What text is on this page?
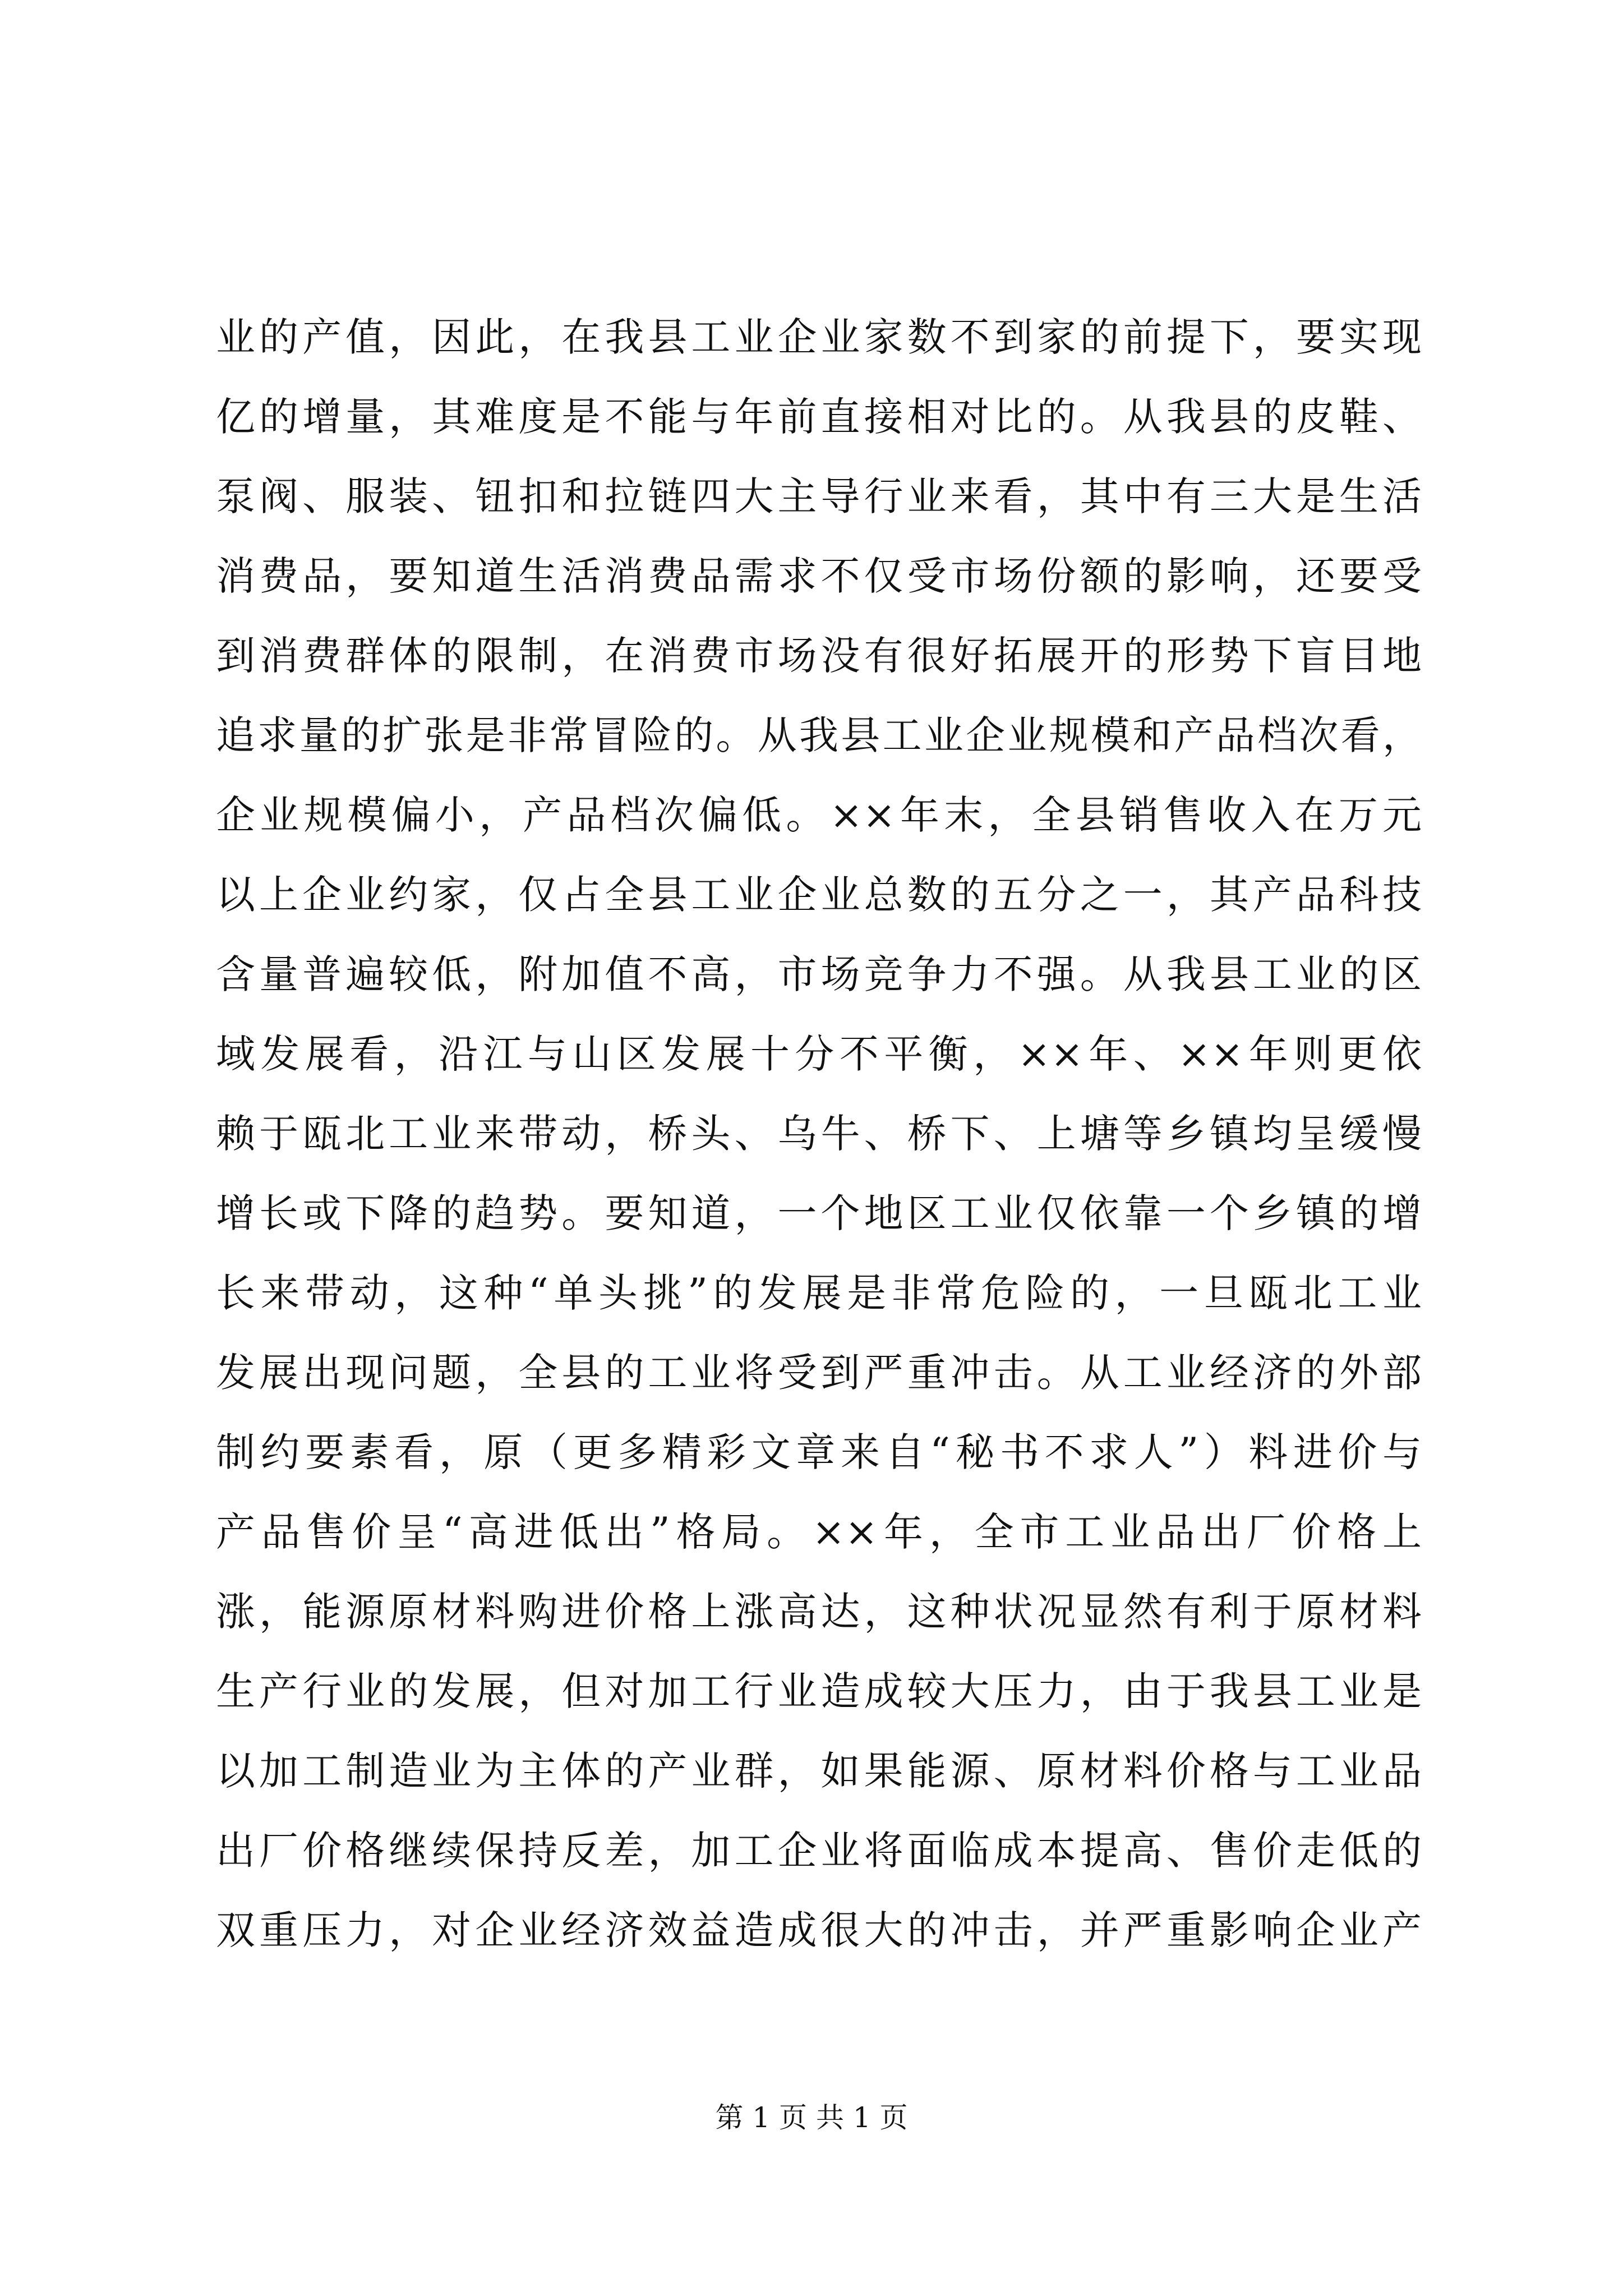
业的产值，因此，在我县工业企业家数不到家的前提下，要实现
亿的增量，其难度是不能与年前直接相对比的。从我县的皮鞋、
泵阀、服装、钮扣和拉链四大主导行业来看，其中有三大是生活
消费品，要知道生活消费品需求不仅受市场份额的影响，还要受
到消费群体的限制，在消费市场没有很好拓展开的形势下盲目地
追求量的扩张是非常冒险的。从我县工业企业规模和产品档次看，
企业规模偏小，产品档次偏低。××年末，全县销售收入在万元
以上企业约家，仅占全县工业企业总数的五分之一，其产品科技
含量普遍较低，附加值不高，市场竞争力不强。从我县工业的区
域发展看，沿江与山区发展十分不平衡，××年、××年则更依
赖于瓯北工业来带动，桥头、乌牛、桥下、上塘等乡镇均呈缓慢
增长或下降的趋势。要知道，一个地区工业仅依靠一个乡镇的增
长来带动，这种“单头挑”的发展是非常危险的，一旦瓯北工业
发展出现问题，全县的工业将受到严重冲击。从工业经济的外部
制约要素看，原（更多精彩文章来自“秘书不求人”）料进价与
产品售价呈“高进低出”格局。××年，全市工业品出厂价格上
涨，能源原材料购进价格上涨高达，这种状况显然有利于原材料
生产行业的发展，但对加工行业造成较大压力，由于我县工业是
以加工制造业为主体的产业群，如果能源、原材料价格与工业品
出厂价格继续保持反差，加工企业将面临成本提高、售价走低的
双重压力，对企业经济效益造成很大的冲击，并严重影响企业产
第 1 页 共 1 页
